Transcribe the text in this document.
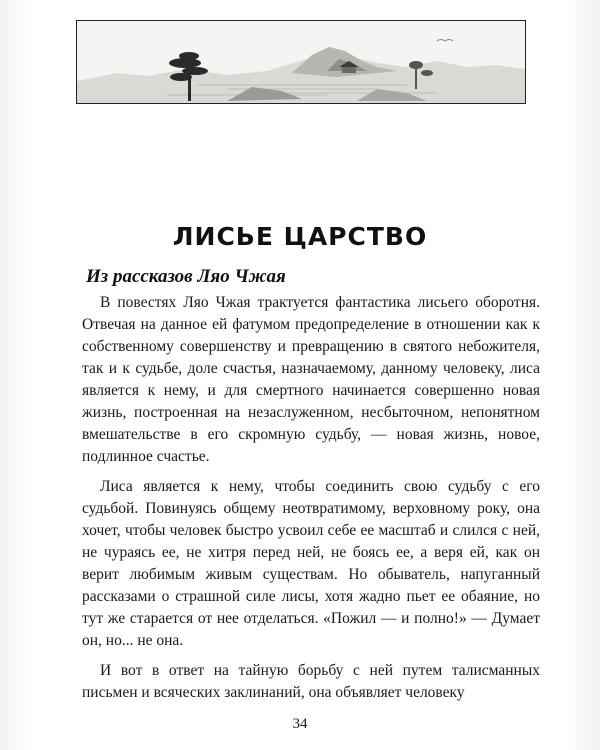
ЛИСЬЕ ЦАРСТВО
Из рассказов Ляо Чжая

В повестях Ляо Чжая трактуется фантастика лисьего оборотня. Отвечая на данное ей фатумом предопределение в отношении как к собственному совершенству и превращению в святого небожителя, так и к судьбе, доле счастья, назначаемому, данному человеку, лиса является к нему, и для смертного начинается совершенно новая жизнь, построенная на незаслуженном, несбыточном, непонятном вмешательстве в его скромную судьбу, — новая жизнь, новое, подлинное счастье.

Лиса является к нему, чтобы соединить свою судьбу с его судьбой. Повинуясь общему неотвратимому, верховному року, она хочет, чтобы человек быстро усвоил себе ее масштаб и слился с ней, не чураясь ее, не хитря перед ней, не боясь ее, а веря ей, как он верит любимым живым существам. Но обыватель, напуганный рассказами о страшной силе лисы, хотя жадно пьет ее обаяние, но тут же старается от нее отделаться. «Пожил — и полно!» — Думает он, но... не она.

И вот в ответ на тайную борьбу с ней путем талисманных письмен и всяческих заклинаний, она объявляет человеку

34
